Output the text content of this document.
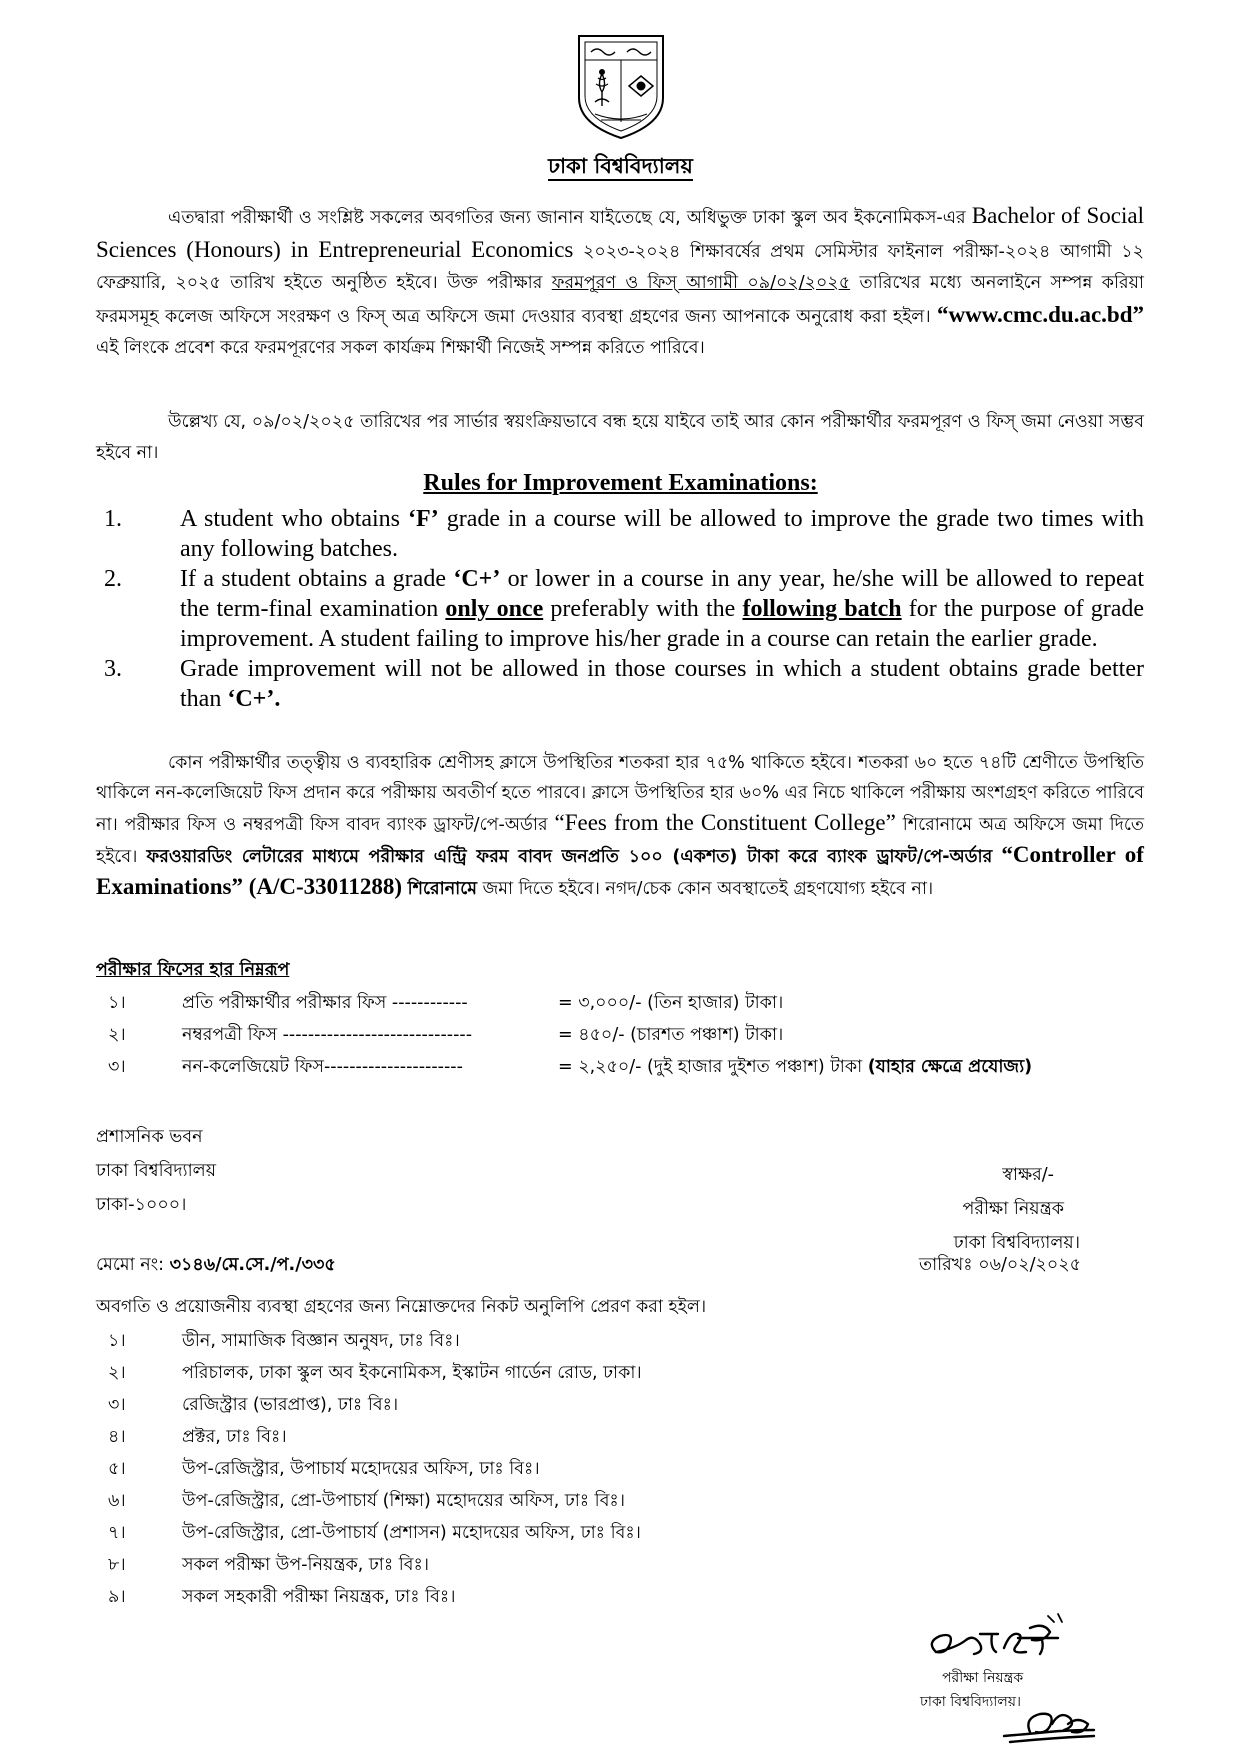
ঢাকা বিশ্ববিদ্যালয়
এতদ্বারা পরীক্ষার্থী ও সংশ্লিষ্ট সকলের অবগতির জন্য জানান যাইতেছে যে, অধিভুক্ত ঢাকা স্কুল অব ইকনোমিকস-এর Bachelor of Social Sciences (Honours) in Entrepreneurial Economics ২০২৩-২০২৪ শিক্ষাবর্ষের প্রথম সেমিস্টার ফাইনাল পরীক্ষা-২০২৪ আগামী ১২ ফেব্রুয়ারি, ২০২৫ তারিখ হইতে অনুষ্ঠিত হইবে। উক্ত পরীক্ষার ফরমপূরণ ও ফিস্‌ আগামী ০৯/০২/২০২৫ তারিখের মধ্যে অনলাইনে সম্পন্ন করিয়া ফরমসমূহ কলেজ অফিসে সংরক্ষণ ও ফিস্‌ অত্র অফিসে জমা দেওয়ার ব্যবস্থা গ্রহণের জন্য আপনাকে অনুরোধ করা হইল। “www.cmc.du.ac.bd” এই লিংকে প্রবেশ করে ফরমপূরণের সকল কার্যক্রম শিক্ষার্থী নিজেই সম্পন্ন করিতে পারিবে।
উল্লেখ্য যে, ০৯/০২/২০২৫ তারিখের পর সার্ভার স্বয়ংক্রিয়ভাবে বন্ধ হয়ে যাইবে তাই আর কোন পরীক্ষার্থীর ফরমপূরণ ও ফিস্‌ জমা নেওয়া সম্ভব হইবে না।
Rules for Improvement Examinations:
1. A student who obtains ‘F’ grade in a course will be allowed to improve the grade two times with any following batches.
2. If a student obtains a grade ‘C+’ or lower in a course in any year, he/she will be allowed to repeat the term-final examination only once preferably with the following batch for the purpose of grade improvement. A student failing to improve his/her grade in a course can retain the earlier grade.
3. Grade improvement will not be allowed in those courses in which a student obtains grade better than ‘C+’.
কোন পরীক্ষার্থীর তত্ত্বীয় ও ব্যবহারিক শ্রেণীসহ ক্লাসে উপস্থিতির শতকরা হার ৭৫% থাকিতে হইবে। শতকরা ৬০ হতে ৭৪টি শ্রেণীতে উপস্থিতি থাকিলে নন-কলেজিয়েট ফিস প্রদান করে পরীক্ষায় অবতীর্ণ হতে পারবে। ক্লাসে উপস্থিতির হার ৬০% এর নিচে থাকিলে পরীক্ষায় অংশগ্রহণ করিতে পারিবে না। পরীক্ষার ফিস ও নম্বরপত্রী ফিস বাবদ ব্যাংক ড্রাফট/পে-অর্ডার “Fees from the Constituent College” শিরোনামে অত্র অফিসে জমা দিতে হইবে। ফরওয়ারডিং লেটারের মাধ্যমে পরীক্ষার এন্ট্রি ফরম বাবদ জনপ্রতি ১০০ (একশত) টাকা করে ব্যাংক ড্রাফট/পে-অর্ডার “Controller of Examinations” (A/C-33011288) শিরোনামে জমা দিতে হইবে। নগদ/চেক কোন অবস্থাতেই গ্রহণযোগ্য হইবে না।
পরীক্ষার ফিসের হার নিম্নরূপ
১।	প্রতি পরীক্ষার্থীর পরীক্ষার ফিস ------------	= ৩,০০০/- (তিন হাজার) টাকা।
২।	নম্বরপত্রী ফিস ------------------------------	= ৪৫০/- (চারশত পঞ্চাশ) টাকা।
৩।	নন-কলেজিয়েট ফিস----------------------	= ২,২৫০/- (দুই হাজার দুইশত পঞ্চাশ) টাকা (যাহার ক্ষেত্রে প্রযোজ্য)
প্রশাসনিক ভবন
ঢাকা বিশ্ববিদ্যালয়
ঢাকা-১০০০।
স্বাক্ষর/-
পরীক্ষা নিয়ন্ত্রক
ঢাকা বিশ্ববিদ্যালয়।
মেমো নং: ৩১৪৬/মে.সে./প./৩৩৫	তারিখঃ ০৬/০২/২০২৫
অবগতি ও প্রয়োজনীয় ব্যবস্থা গ্রহণের জন্য নিম্নোক্তদের নিকট অনুলিপি প্রেরণ করা হইল।
১।	ডীন, সামাজিক বিজ্ঞান অনুষদ, ঢাঃ বিঃ।
২।	পরিচালক, ঢাকা স্কুল অব ইকনোমিকস, ইস্কাটন গার্ডেন রোড, ঢাকা।
৩।	রেজিস্ট্রার (ভারপ্রাপ্ত), ঢাঃ বিঃ।
৪।	প্রক্টর, ঢাঃ বিঃ।
৫।	উপ-রেজিস্ট্রার, উপাচার্য মহোদয়ের অফিস, ঢাঃ বিঃ।
৬।	উপ-রেজিস্ট্রার, প্রো-উপাচার্য (শিক্ষা) মহোদয়ের অফিস, ঢাঃ বিঃ।
৭।	উপ-রেজিস্ট্রার, প্রো-উপাচার্য (প্রশাসন) মহোদয়ের অফিস, ঢাঃ বিঃ।
৮।	সকল পরীক্ষা উপ-নিয়ন্ত্রক, ঢাঃ বিঃ।
৯।	সকল সহকারী পরীক্ষা নিয়ন্ত্রক, ঢাঃ বিঃ।
পরীক্ষা নিয়ন্ত্রক
ঢাকা বিশ্ববিদ্যালয়।
